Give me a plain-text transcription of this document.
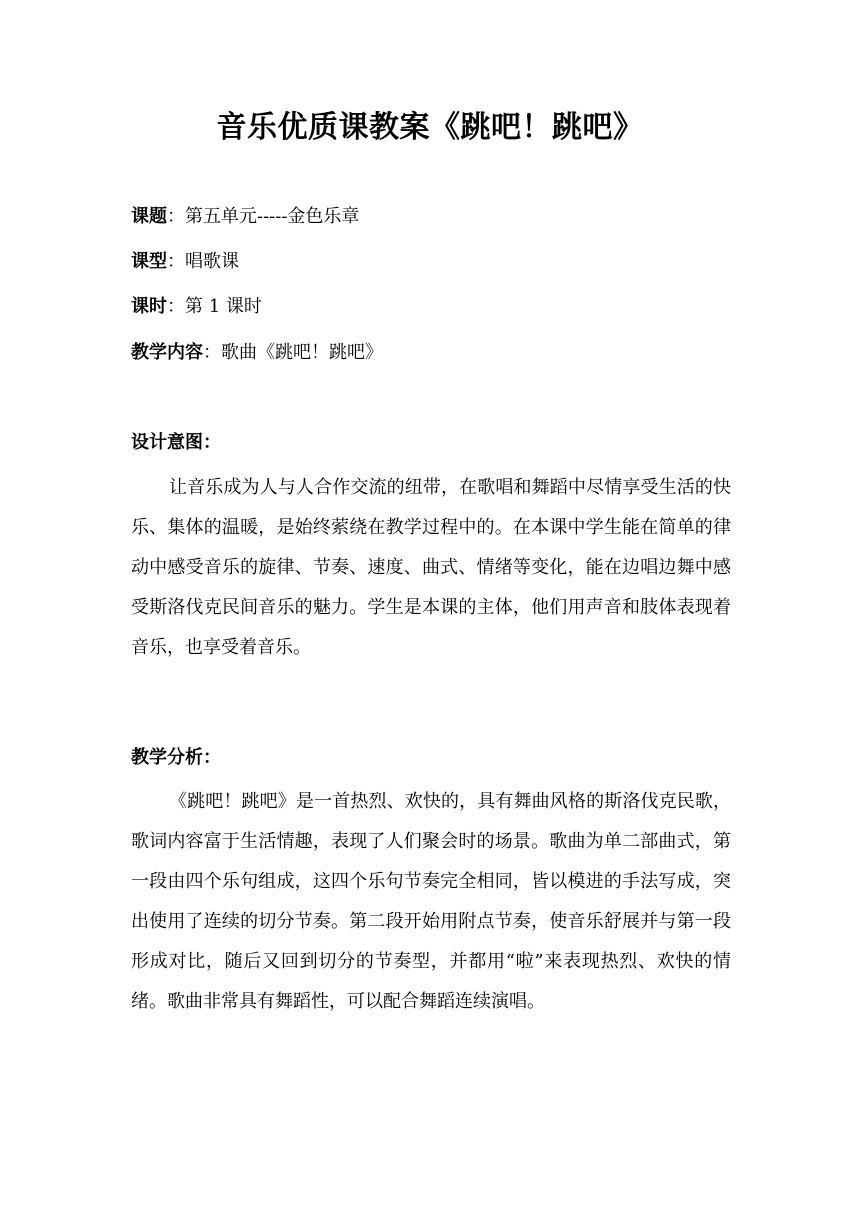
音乐优质课教案《跳吧！跳吧》
课题：第五单元-----金色乐章
课型：唱歌课
课时：第 1 课时
教学内容：歌曲《跳吧！跳吧》
设计意图：
让音乐成为人与人合作交流的纽带，在歌唱和舞蹈中尽情享受生活的快乐、集体的温暖，是始终萦绕在教学过程中的。在本课中学生能在简单的律动中感受音乐的旋律、节奏、速度、曲式、情绪等变化，能在边唱边舞中感受斯洛伐克民间音乐的魅力。学生是本课的主体，他们用声音和肢体表现着音乐，也享受着音乐。
教学分析：
《跳吧！跳吧》是一首热烈、欢快的，具有舞曲风格的斯洛伐克民歌，歌词内容富于生活情趣，表现了人们聚会时的场景。歌曲为单二部曲式，第一段由四个乐句组成，这四个乐句节奏完全相同，皆以模进的手法写成，突出使用了连续的切分节奏。第二段开始用附点节奏，使音乐舒展并与第一段形成对比，随后又回到切分的节奏型，并都用“啦”来表现热烈、欢快的情绪。歌曲非常具有舞蹈性，可以配合舞蹈连续演唱。
